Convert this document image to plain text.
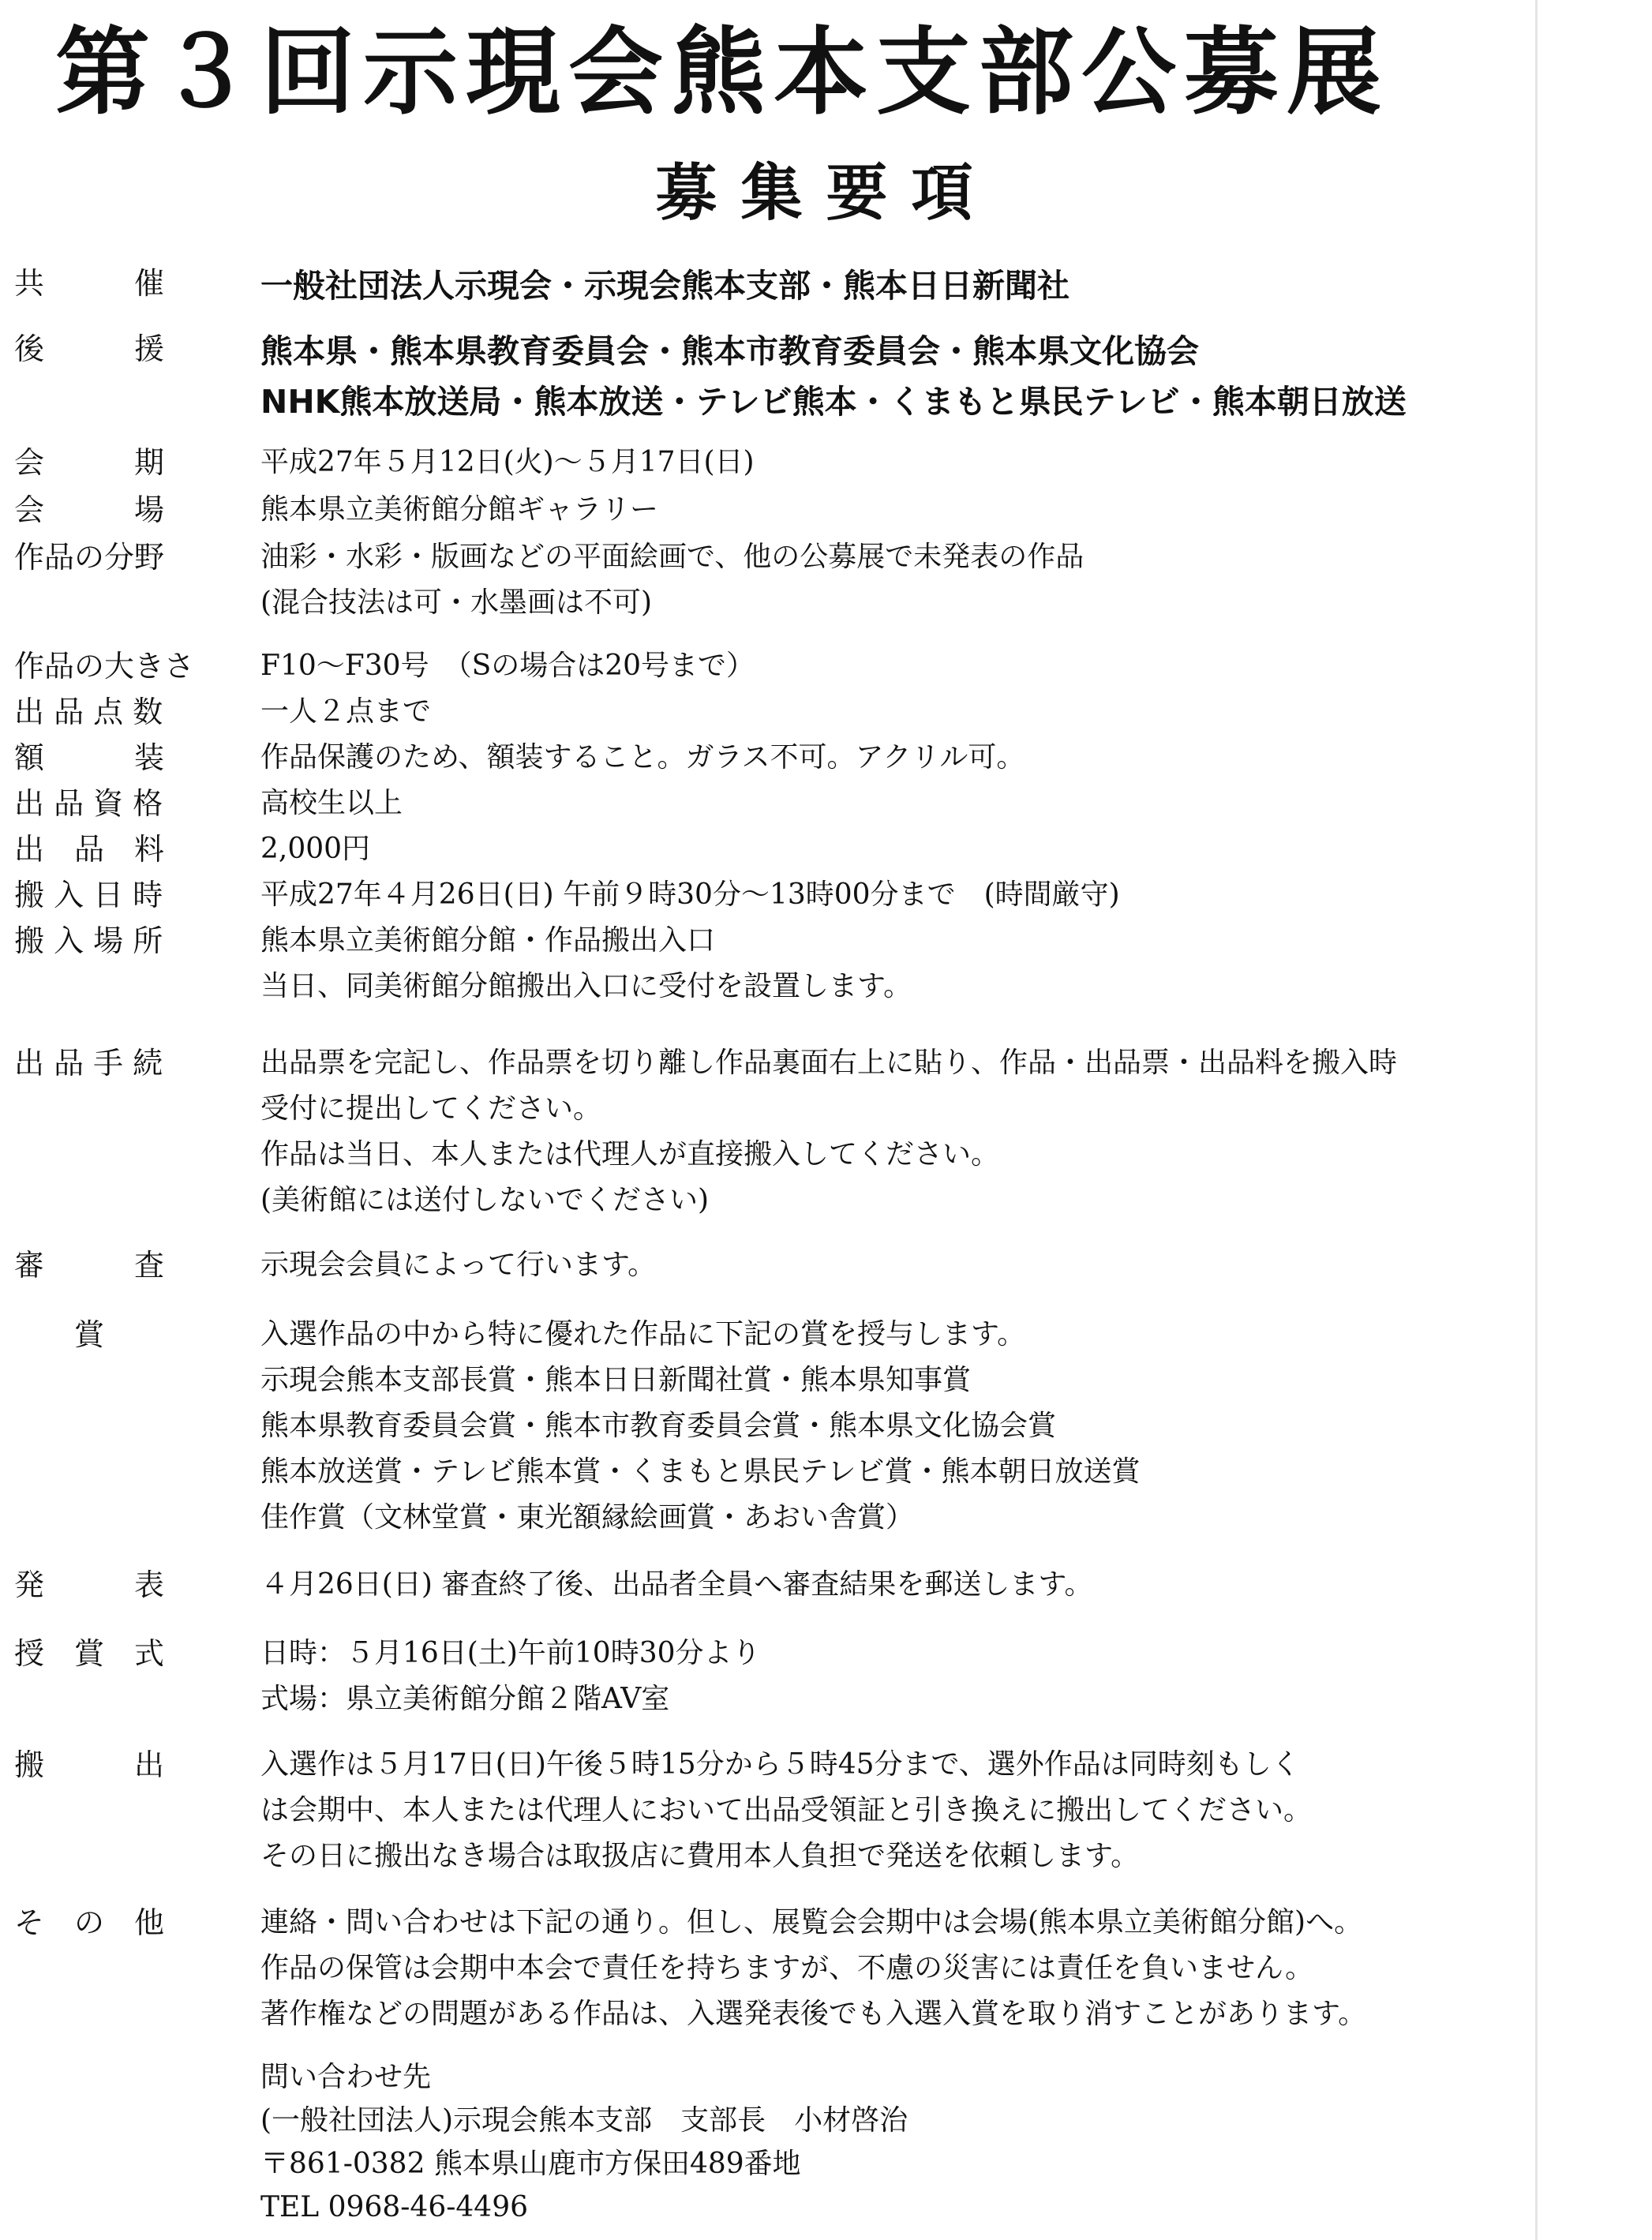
第３回示現会熊本支部公募展
募集要項
共　　　催	一般社団法人示現会・示現会熊本支部・熊本日日新聞社
後　　　援	熊本県・熊本県教育委員会・熊本市教育委員会・熊本県文化協会
NHK熊本放送局・熊本放送・テレビ熊本・くまもと県民テレビ・熊本朝日放送
会　　　期	平成27年５月12日(火)～５月17日(日)
会　　　場	熊本県立美術館分館ギャラリー
作品の分野	油彩・水彩・版画などの平面絵画で、他の公募展で未発表の作品
(混合技法は可・水墨画は不可)
作品の大きさ	F10～F30号　（Sの場合は20号まで）
出 品 点 数	一人２点まで
額　　　装	作品保護のため、額装すること。ガラス不可。アクリル可。
出 品 資 格	高校生以上
出　品　料	2,000円
搬 入 日 時	平成27年４月26日(日) 午前９時30分～13時00分まで　(時間厳守)
搬 入 場 所	熊本県立美術館分館・作品搬出入口
当日、同美術館分館搬出入口に受付を設置します。
出 品 手 続	出品票を完記し、作品票を切り離し作品裏面右上に貼り、作品・出品票・出品料を搬入時
受付に提出してください。
作品は当日、本人または代理人が直接搬入してください。
(美術館には送付しないでください)
審　　　査	示現会会員によって行います。
　　賞	入選作品の中から特に優れた作品に下記の賞を授与します。
示現会熊本支部長賞・熊本日日新聞社賞・熊本県知事賞
熊本県教育委員会賞・熊本市教育委員会賞・熊本県文化協会賞
熊本放送賞・テレビ熊本賞・くまもと県民テレビ賞・熊本朝日放送賞
佳作賞（文林堂賞・東光額縁絵画賞・あおい舎賞）
発　　　表	４月26日(日) 審査終了後、出品者全員へ審査結果を郵送します。
授　賞　式	日時：５月16日(土)午前10時30分より
式場：県立美術館分館２階AV室
搬　　　出	入選作は５月17日(日)午後５時15分から５時45分まで、選外作品は同時刻もしく
は会期中、本人または代理人において出品受領証と引き換えに搬出してください。
その日に搬出なき場合は取扱店に費用本人負担で発送を依頼します。
そ　の　他	連絡・問い合わせは下記の通り。但し、展覧会会期中は会場(熊本県立美術館分館)へ。
作品の保管は会期中本会で責任を持ちますが、不慮の災害には責任を負いません。
著作権などの問題がある作品は、入選発表後でも入選入賞を取り消すことがあります。
問い合わせ先
(一般社団法人)示現会熊本支部　支部長　小材啓治
〒861-0382 熊本県山鹿市方保田489番地
TEL 0968-46-4496
